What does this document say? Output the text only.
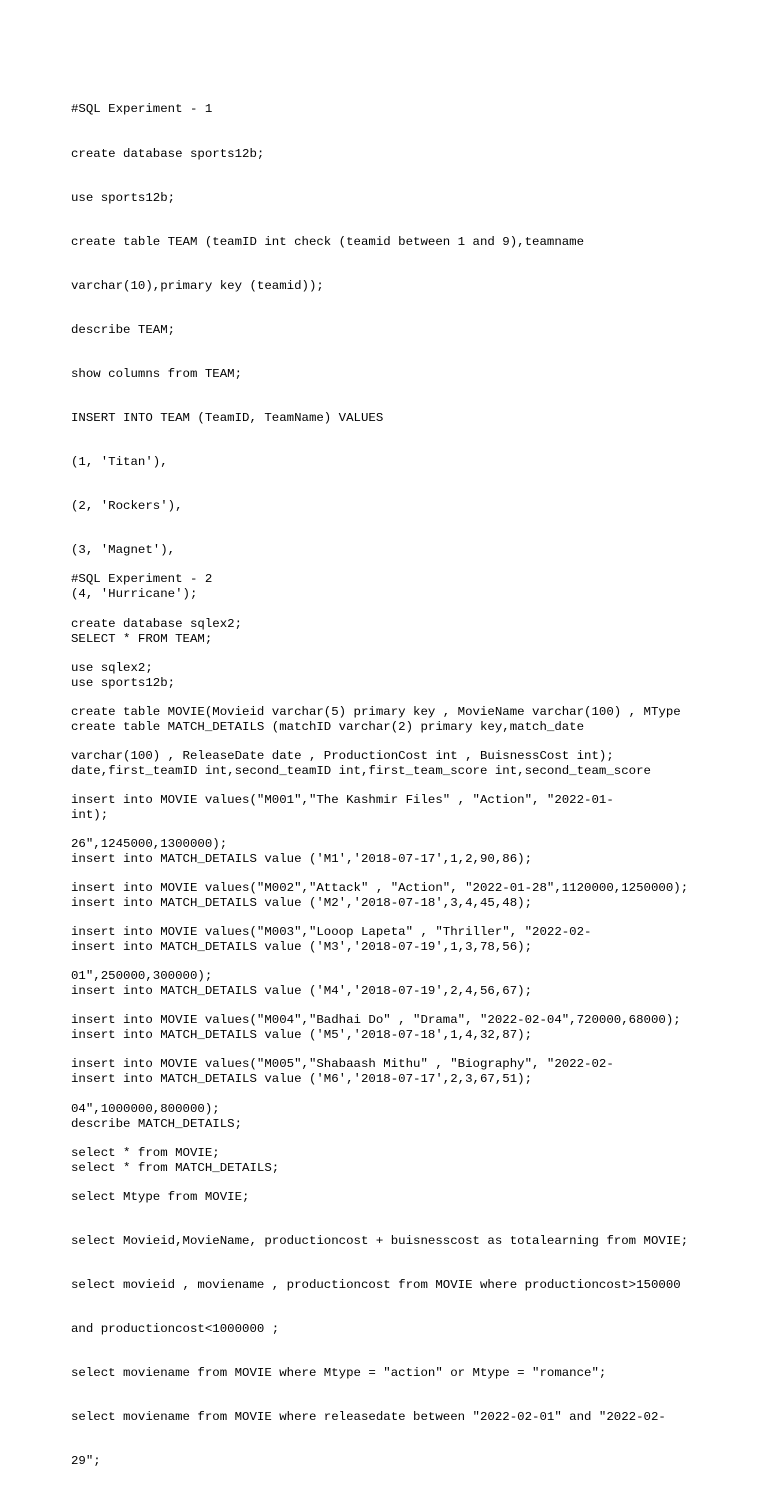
#SQL Experiment - 1

create database sports12b;

use sports12b;

create table TEAM (teamID int check (teamid between 1 and 9),teamname

varchar(10),primary key (teamid));

describe TEAM;

show columns from TEAM;

INSERT INTO TEAM (TeamID, TeamName) VALUES

(1, 'Titan'),

(2, 'Rockers'),

(3, 'Magnet'),

(4, 'Hurricane');

SELECT * FROM TEAM;

use sports12b;

create table MATCH_DETAILS (matchID varchar(2) primary key,match_date

date,first_teamID int,second_teamID int,first_team_score int,second_team_score

int);

insert into MATCH_DETAILS value ('M1','2018-07-17',1,2,90,86);

insert into MATCH_DETAILS value ('M2','2018-07-18',3,4,45,48);

insert into MATCH_DETAILS value ('M3','2018-07-19',1,3,78,56);

insert into MATCH_DETAILS value ('M4','2018-07-19',2,4,56,67);

insert into MATCH_DETAILS value ('M5','2018-07-18',1,4,32,87);

insert into MATCH_DETAILS value ('M6','2018-07-17',2,3,67,51);

describe MATCH_DETAILS;

select * from MATCH_DETAILS;

#SQL Experiment - 2

create database sqlex2;

use sqlex2;

create table MOVIE(Movieid varchar(5) primary key , MovieName varchar(100) , MType

varchar(100) , ReleaseDate date , ProductionCost int , BuisnessCost int);

insert into MOVIE values("M001","The Kashmir Files" , "Action", "2022-01-

26",1245000,1300000);

insert into MOVIE values("M002","Attack" , "Action", "2022-01-28",1120000,1250000);

insert into MOVIE values("M003","Looop Lapeta" , "Thriller", "2022-02-

01",250000,300000);

insert into MOVIE values("M004","Badhai Do" , "Drama", "2022-02-04",720000,68000);

insert into MOVIE values("M005","Shabaash Mithu" , "Biography", "2022-02-

04",1000000,800000);

select * from MOVIE;

select Mtype from MOVIE;

select Movieid,MovieName, productioncost + buisnesscost as totalearning from MOVIE;

select movieid , moviename , productioncost from MOVIE where productioncost>150000

and productioncost<1000000 ;

select moviename from MOVIE where Mtype = "action" or Mtype = "romance";

select moviename from MOVIE where releasedate between "2022-02-01" and "2022-02-

29";
